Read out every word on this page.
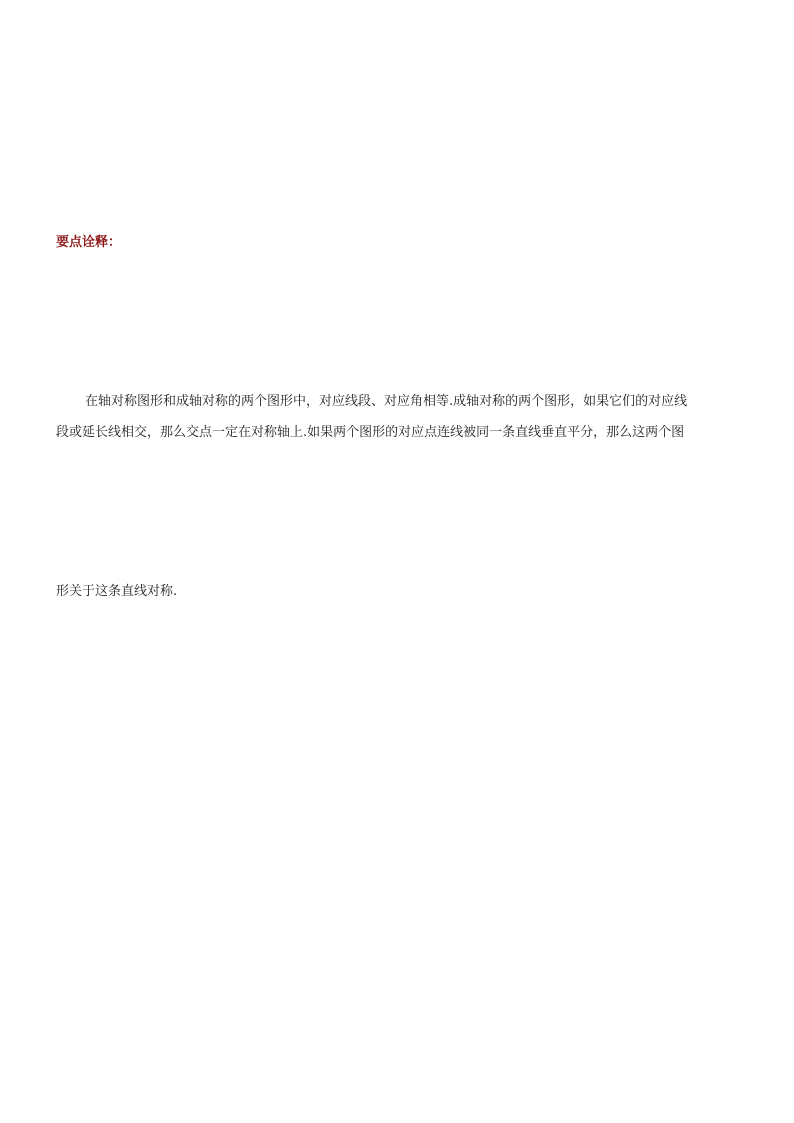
要点诠释：
在轴对称图形和成轴对称的两个图形中，对应线段、对应角相等.成轴对称的两个图形，如果它们的对应线
段或延长线相交，那么交点一定在对称轴上.如果两个图形的对应点连线被同一条直线垂直平分，那么这两个图
形关于这条直线对称.
